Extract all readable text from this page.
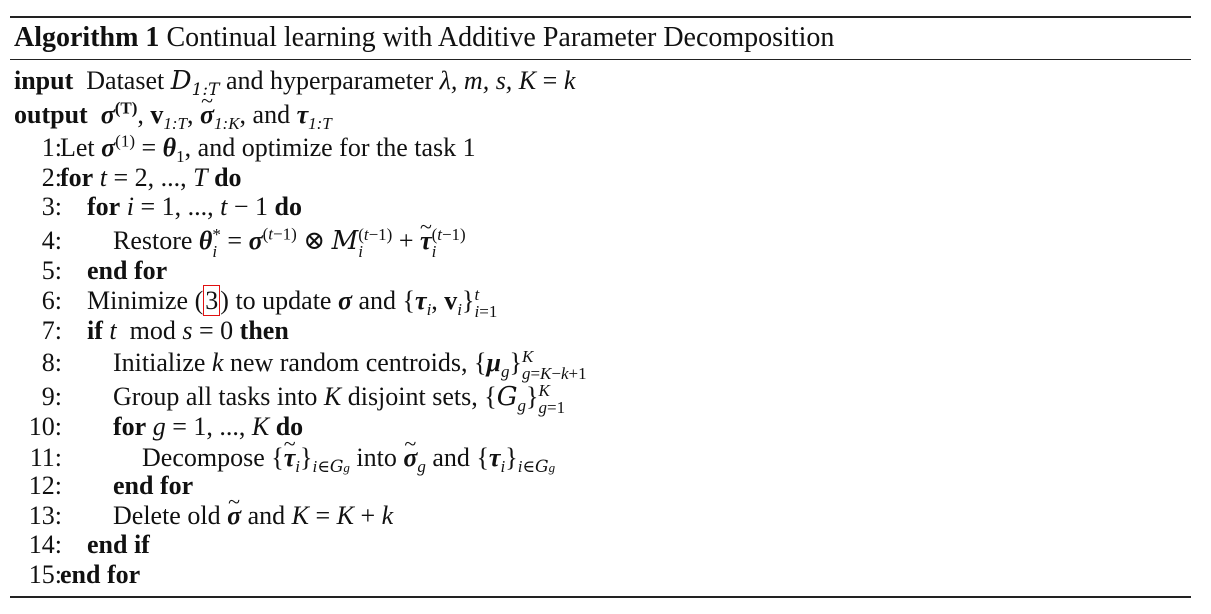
Algorithm 1 Continual learning with Additive Parameter Decomposition
input Dataset $D_{1:T}$ and hyperparameter λ, m, s, K = k
output $\sigma^{(T)}$, $v_{1:T}$, ~ $\sigma_{1:K}$, and $\tau_{1:T}$
1:
Let $\sigma^{(1)} = \theta_1$, and optimize for the task 1
2:
for t = 2, ..., T do
3: for i = 1, ..., t − 1 do
4: Restore θ *
$i = \sigma^{(t-1)}$ ⊗ M (t−1)
i	+ ~ τ (t−1)
i
5: end for
6: Minimize (3) to update σ and {$\tau_i$, $v_i$} t
i=1
7: if t mod s = 0 then
8: Initialize k new random centroids, $\{\mu_g\}$ K
g=K−k+1
9: Group all tasks into K disjoint sets, $\{G_g\}$ K
g=1
10: for g = 1, ..., K do
11:	Decompose {~ $\tau_i\}_{i\in Gg}$ into ~ $\sigma_g$ and $\{\tau_i\}_{i\in Gg}$
12: end for
13: Delete old ~ σ and K = K + k
14: end if
15:
end for
